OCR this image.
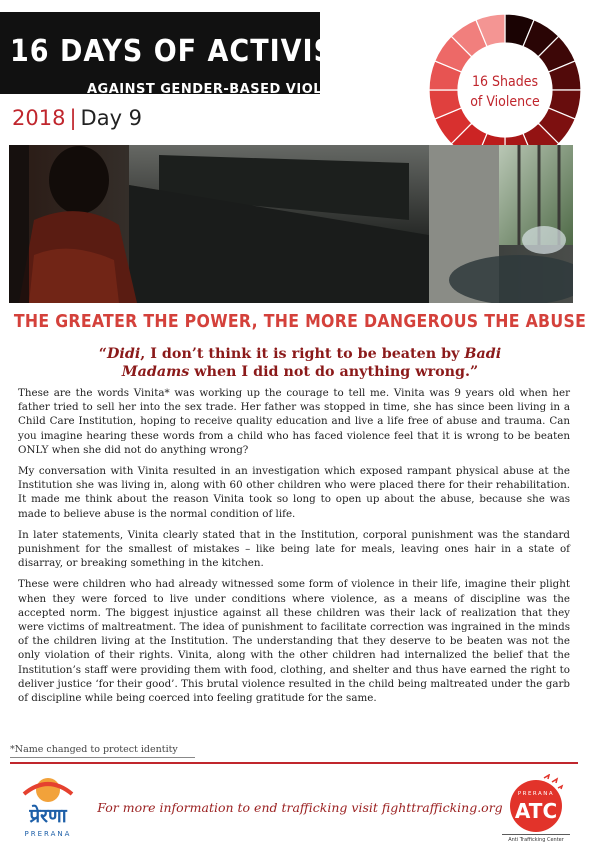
16 DAYS OF ACTIVISM
AGAINST GENDER-BASED VIOLENCE
2018 | Day 9
16 Shades
of Violence
THE GREATER THE POWER, THE MORE DANGEROUS THE ABUSE
“Didi, I don’t think it is right to be beaten by Badi
Madams when I did not do anything wrong.”

These are the words Vinita* was working up the courage to tell me. Vinita was 9 years old when her father tried to sell her into the sex trade. Her father was stopped in time, she has since been living in a Child Care Institution, hoping to receive quality education and live a life free of abuse and trauma. Can you imagine hearing these words from a child who has faced violence feel that it is wrong to be beaten ONLY when she did not do anything wrong?

My conversation with Vinita resulted in an investigation which exposed rampant physical abuse at the Institution she was living in, along with 60 other children who were placed there for their rehabilitation. It made me think about the reason Vinita took so long to open up about the abuse, because she was made to believe abuse is the normal condition of life.

In later statements, Vinita clearly stated that in the Institution, corporal punishment was the standard punishment for the smallest of mistakes – like being late for meals, leaving ones hair in a state of disarray, or breaking something in the kitchen.

These were children who had already witnessed some form of violence in their life, imagine their plight when they were forced to live under conditions where violence, as a means of discipline was the accepted norm. The biggest injustice against all these children was their lack of realization that they were victims of maltreatment. The idea of punishment to facilitate correction was ingrained in the minds of the children living at the Institution. The understanding that they deserve to be beaten was not the only violation of their rights. Vinita, along with the other children had internalized the belief that the Institution’s staff were providing them with food, clothing, and shelter and thus have earned the right to deliver justice ‘for their good’. This brutal violence resulted in the child being maltreated under the garb of discipline while being coerced into feeling gratitude for the same.

*Name changed to protect identity
प्रेरणा
PRERANA
For more information to end trafficking visit fighttrafficking.org
PRERANA
ATC
Anti Trafficking Center
